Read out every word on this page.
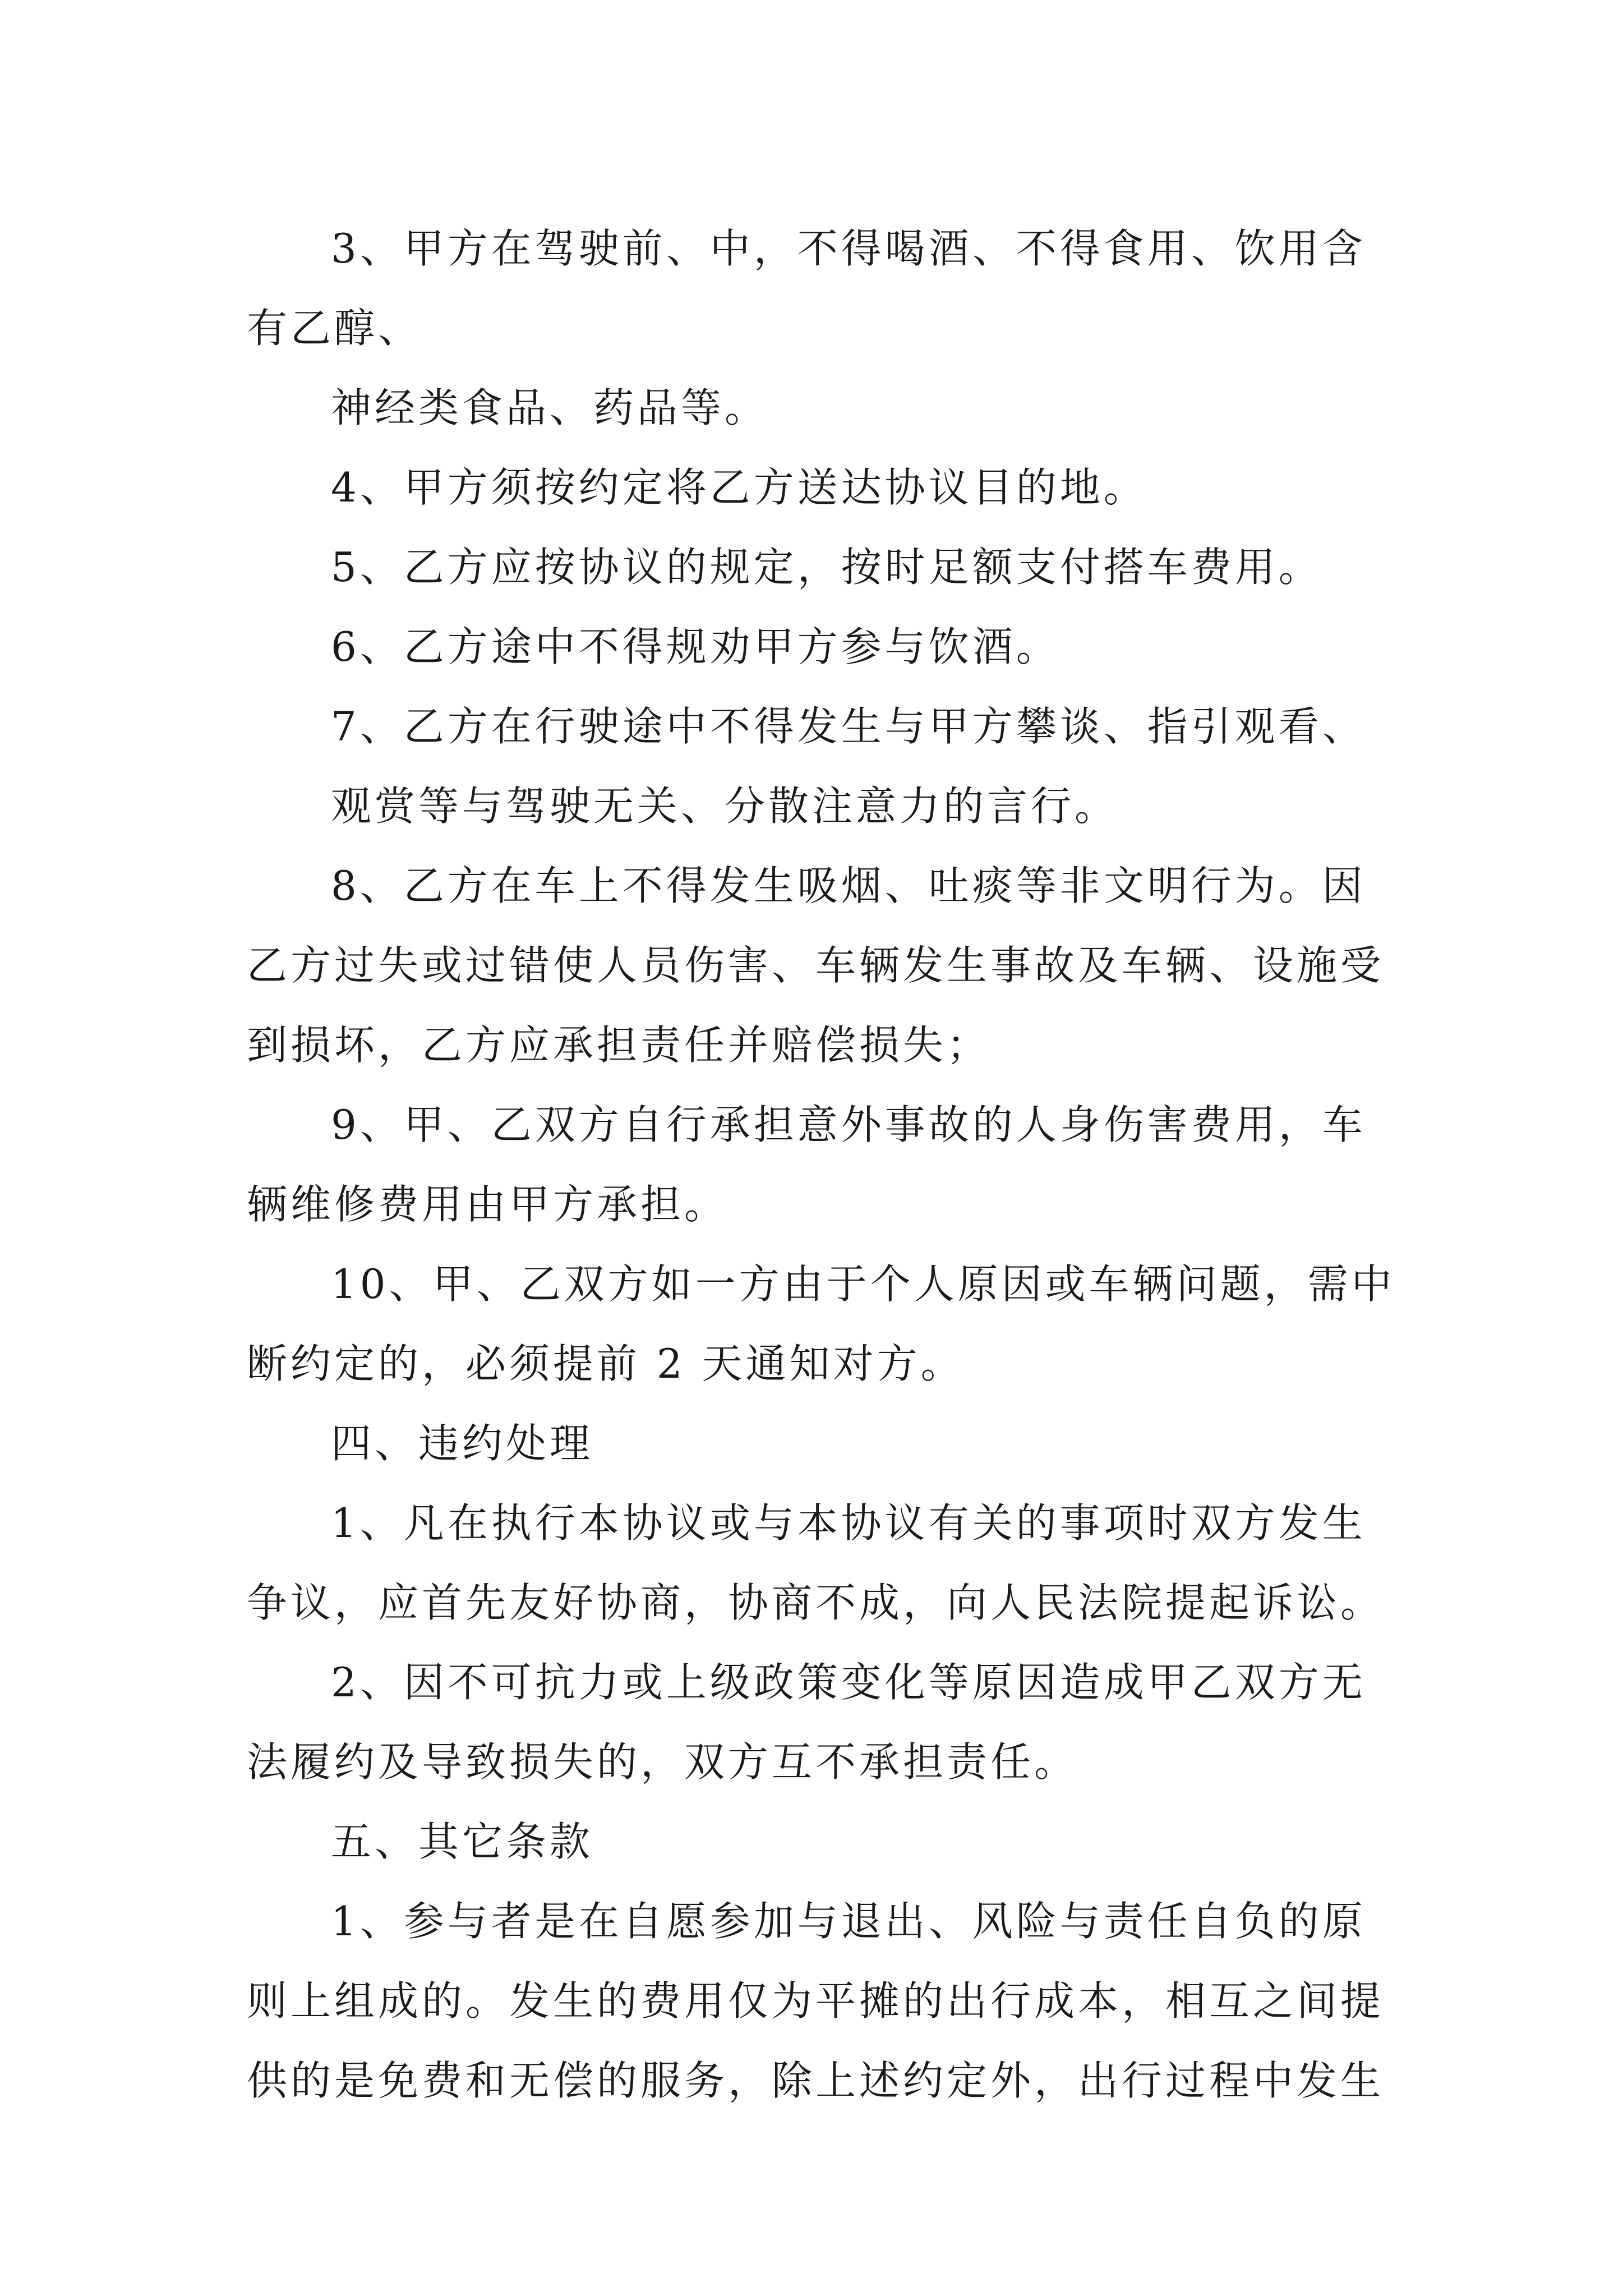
3、甲方在驾驶前、中，不得喝酒、不得食用、饮用含
有乙醇、
神经类食品、药品等。
4、甲方须按约定将乙方送达协议目的地。
5、乙方应按协议的规定，按时足额支付搭车费用。
6、乙方途中不得规劝甲方参与饮酒。
7、乙方在行驶途中不得发生与甲方攀谈、指引观看、
观赏等与驾驶无关、分散注意力的言行。
8、乙方在车上不得发生吸烟、吐痰等非文明行为。因
乙方过失或过错使人员伤害、车辆发生事故及车辆、设施受
到损坏，乙方应承担责任并赔偿损失；
9、甲、乙双方自行承担意外事故的人身伤害费用，车
辆维修费用由甲方承担。
10、甲、乙双方如一方由于个人原因或车辆问题，需中
断约定的，必须提前 2 天通知对方。
四、违约处理
1、凡在执行本协议或与本协议有关的事项时双方发生
争议，应首先友好协商，协商不成，向人民法院提起诉讼。
2、因不可抗力或上级政策变化等原因造成甲乙双方无
法履约及导致损失的，双方互不承担责任。
五、其它条款
1、参与者是在自愿参加与退出、风险与责任自负的原
则上组成的。发生的费用仅为平摊的出行成本，相互之间提
供的是免费和无偿的服务，除上述约定外，出行过程中发生
